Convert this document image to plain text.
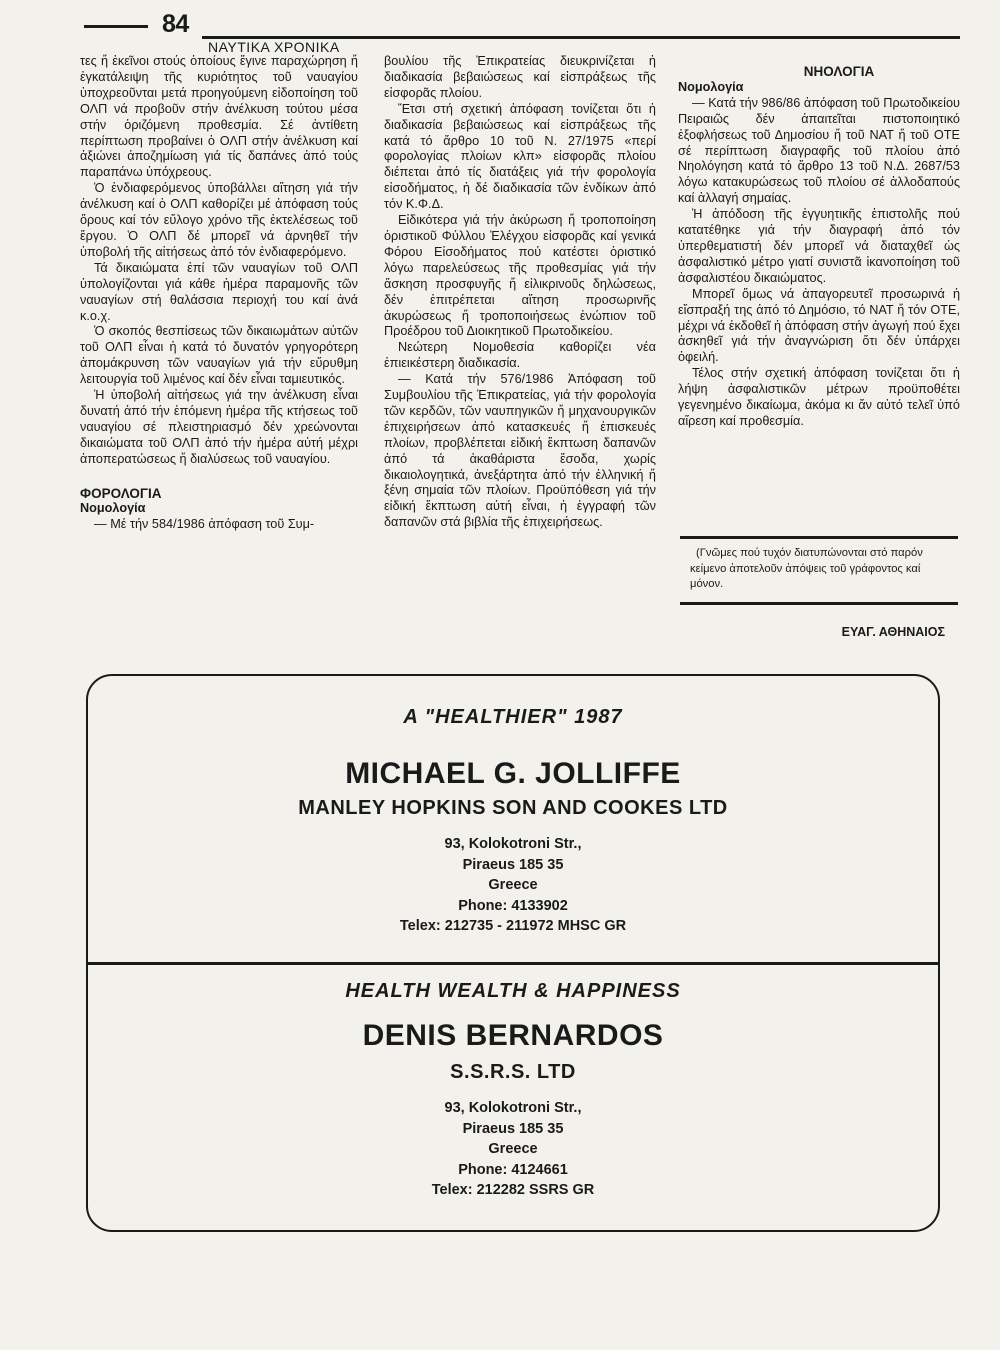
84
ΝΑΥΤΙΚΑ ΧΡΟΝΙΚΑ

τες ἤ ἐκεῖνοι στούς ὁποίους ἔγινε παραχώρηση ἤ ἐγκατάλειψη τῆς κυριότητος τοῦ ναυαγίου ὑποχρεοῦνται μετά προηγούμενη εἰδοποίηση τοῦ ΟΛΠ νά προβοῦν στήν ἀνέλκυση τούτου μέσα στήν ὁριζόμενη προθεσμία. Σέ ἀντίθετη περίπτωση προβαίνει ὁ ΟΛΠ στήν ἀνέλκυση καί ἀξιώνει ἀποζημίωση γιά τίς δαπάνες ἀπό τούς παραπάνω ὑπόχρεους.

Ὁ ἐνδιαφερόμενος ὑποβάλλει αἴτηση γιά τήν ἀνέλκυση καί ὁ ΟΛΠ καθορίζει μέ ἀπόφαση τούς ὅρους καί τόν εὔλογο χρόνο τῆς ἐκτελέσεως τοῦ ἔργου. Ὁ ΟΛΠ δέ μπορεῖ νά ἀρνηθεῖ τήν ὑποβολή τῆς αἰτήσεως ἀπό τόν ἐνδιαφερόμενο.

Τά δικαιώματα ἐπί τῶν ναυαγίων τοῦ ΟΛΠ ὑπολογίζονται γιά κάθε ἡμέρα παραμονῆς τῶν ναυαγίων στή θαλάσσια περιοχή του καί ἀνά κ.ο.χ.

Ὁ σκοπός θεσπίσεως τῶν δικαιωμάτων αὐτῶν τοῦ ΟΛΠ εἶναι ἡ κατά τό δυνατόν γρηγορότερη ἀπομάκρυνση τῶν ναυαγίων γιά τήν εὔρυθμη λειτουργία τοῦ λιμένος καί δέν εἶναι ταμιευτικός.

Ἡ ὑποβολή αἰτήσεως γιά την ἀνέλκυση εἶναι δυνατή ἀπό τήν ἑπόμενη ἡμέρα τῆς κτήσεως τοῦ ναυαγίου σέ πλειστηριασμό δέν χρεώνονται δικαιώματα τοῦ ΟΛΠ ἀπό τήν ἡμέρα αὐτή μέχρι ἀποπερατώσεως ἤ διαλύσεως τοῦ ναυαγίου.

ΦΟΡΟΛΟΓΙΑ
Νομολογία

— Μέ τήν 584/1986 ἀπόφαση τοῦ Συμ-

βουλίου τῆς Ἐπικρατείας διευκρινίζεται ἡ διαδικασία βεβαιώσεως καί εἰσπράξεως τῆς εἰσφορᾶς πλοίου.

Ἔτσι στή σχετική ἀπόφαση τονίζεται ὅτι ἡ διαδικασία βεβαιώσεως καί εἰσπράξεως τῆς κατά τό ἄρθρο 10 τοῦ Ν. 27/1975 «περί φορολογίας πλοίων κλπ» εἰσφορᾶς πλοίου διέπεται ἀπό τίς διατάξεις γιά τήν φορολογία εἰσοδήματος, ἡ δέ διαδικασία τῶν ἐνδίκων ἀπό τόν Κ.Φ.Δ.

Εἰδικότερα γιά τήν ἀκύρωση ἤ τροποποίηση ὁριστικοῦ Φύλλου Ἐλέγχου εἰσφορᾶς καί γενικά Φόρου Εἰσοδήματος πού κατέστει ὁριστικό λόγω παρελεύσεως τῆς προθεσμίας γιά τήν ἄσκηση προσφυγῆς ἤ εἰλικρινοῦς δηλώσεως, δέν ἐπιτρέπεται αἴτηση προσωρινῆς ἀκυρώσεως ἤ τροποποιήσεως ἐνώπιον τοῦ Προέδρου τοῦ Διοικητικοῦ Πρωτοδικείου.

Νεώτερη Νομοθεσία καθορίζει νέα ἐπιεικέστερη διαδικασία.

— Κατά τήν 576/1986 Ἀπόφαση τοῦ Συμβουλίου τῆς Ἐπικρατείας, γιά τήν φορολογία τῶν κερδῶν, τῶν ναυπηγικῶν ἤ μηχανουργικῶν ἐπιχειρήσεων ἀπό κατασκευές ἤ ἐπισκευές πλοίων, προβλέπεται εἰδική ἔκπτωση δαπανῶν ἀπό τά ἀκαθάριστα ἔσοδα, χωρίς δικαιολογητικά, ἀνεξάρτητα ἀπό τήν ἑλληνική ἤ ξένη σημαία τῶν πλοίων. Προϋπόθεση γιά τήν εἰδική ἔκπτωση αὐτή εἶναι, ἡ ἐγγραφή τῶν δαπανῶν στά βιβλία τῆς ἐπιχειρήσεως.

ΝΗΟΛΟΓΙΑ
Νομολογία

— Κατά τήν 986/86 ἀπόφαση τοῦ Πρωτοδικείου Πειραιῶς δέν ἀπαιτεῖται πιστοποιητικό ἐξοφλήσεως τοῦ Δημοσίου ἤ τοῦ ΝΑΤ ἤ τοῦ ΟΤΕ σέ περίπτωση διαγραφῆς τοῦ πλοίου ἀπό Νηολόγηση κατά τό ἄρθρο 13 τοῦ Ν.Δ. 2687/53 λόγω κατακυρώσεως τοῦ πλοίου σέ ἀλλοδαπούς καί ἀλλαγή σημαίας.

Ἡ ἀπόδοση τῆς ἐγγυητικῆς ἐπιστολῆς πού κατατέθηκε γιά τήν διαγραφή ἀπό τόν ὑπερθεματιστή δέν μπορεῖ νά διαταχθεῖ ὡς ἀσφαλιστικό μέτρο γιατί συνιστᾶ ἱκανοποίηση τοῦ ἀσφαλιστέου δικαιώματος.

Μπορεῖ ὅμως νά ἀπαγορευτεῖ προσωρινά ἡ εἴσπραξή της ἀπό τό Δημόσιο, τό ΝΑΤ ἤ τόν ΟΤΕ, μέχρι νά ἐκδοθεῖ ἡ ἀπόφαση στήν ἀγωγή πού ἔχει ἀσκηθεῖ γιά τήν ἀναγνώριση ὅτι δέν ὑπάρχει ὀφειλή.

Τέλος στήν σχετική ἀπόφαση τονίζεται ὅτι ἡ λήψη ἀσφαλιστικῶν μέτρων προϋποθέτει γεγενημένο δικαίωμα, ἀκόμα κι ἄν αὐτό τελεῖ ὑπό αἵρεση καί προθεσμία.

(Γνῶμες πού τυχόν διατυπώνονται στό παρόν κείμενο ἀποτελοῦν ἀπόψεις τοῦ γράφοντος καί μόνον.
ΕΥΑΓ. ΑΘΗΝΑΙΟΣ
A "HEALTHIER" 1987
MICHAEL G. JOLLIFFE
MANLEY HOPKINS SON AND COOKES LTD
93, Kolokotroni Str.,
Piraeus 185 35
Greece
Phone: 4133902
Telex: 212735 - 211972 MHSC GR
HEALTH WEALTH & HAPPINESS
DENIS BERNARDOS
S.S.R.S. LTD
93, Kolokotroni Str.,
Piraeus 185 35
Greece
Phone: 4124661
Telex: 212282 SSRS GR
